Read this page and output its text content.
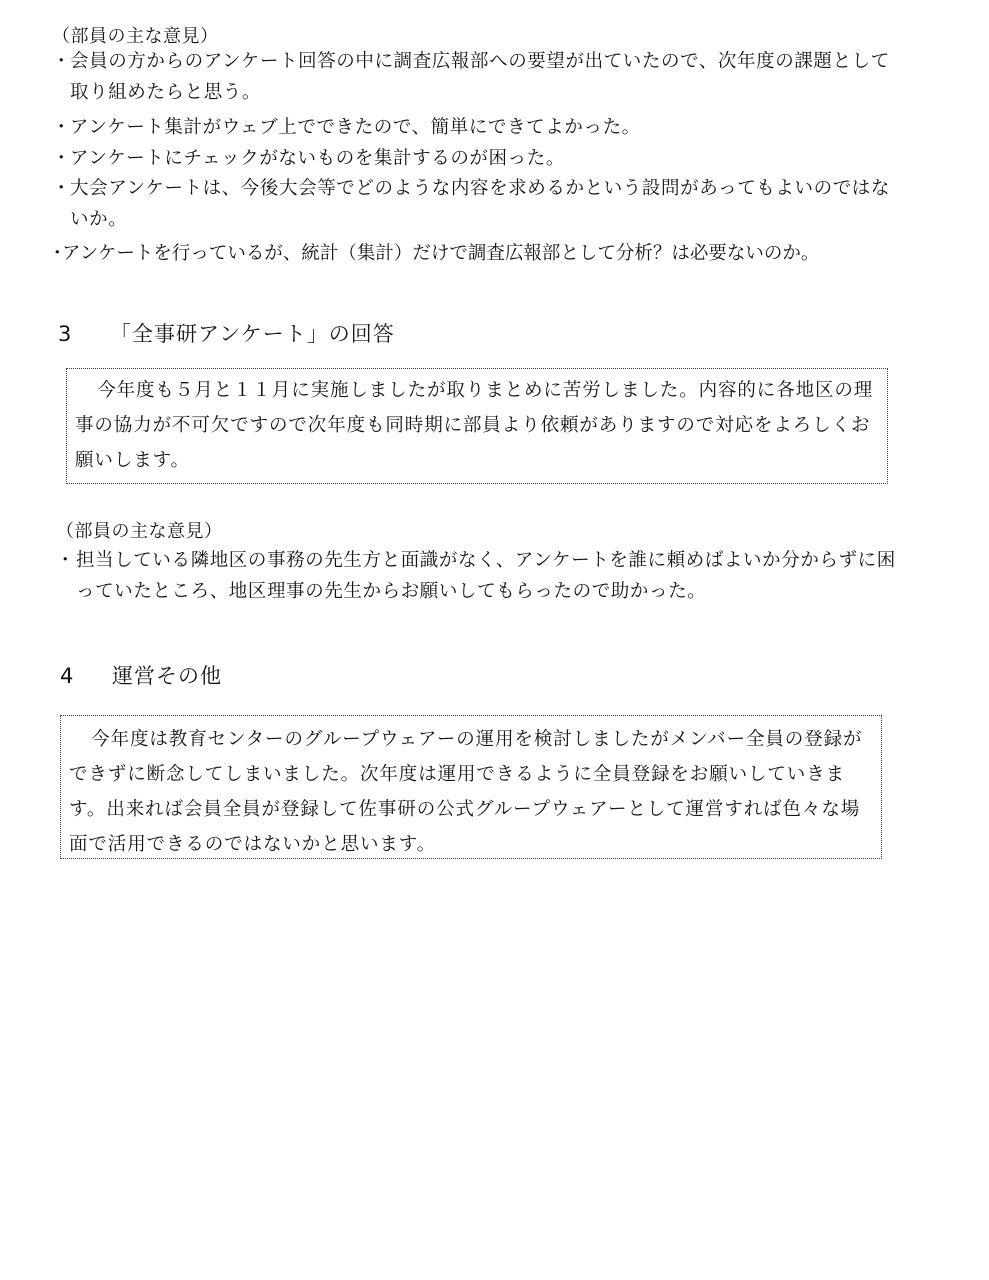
（部員の主な意見）
・
会員の方からのアンケート回答の中に調査広報部への要望が出ていたので、次年度の課題として取り組めたらと思う。
・
アンケート集計がウェブ上でできたので、簡単にできてよかった。
・
アンケートにチェックがないものを集計するのが困った。
・
大会アンケートは、今後大会等でどのような内容を求めるかという設問があってもよいのではないか。
・
アンケートを行っているが、統計（集計）だけで調査広報部として分析？は必要ないのか。
3 「全事研アンケート」の回答

今年度も５月と１１月に実施しましたが取りまとめに苦労しました。内容的に各地区の理事の協力が不可欠ですので次年度も同時期に部員より依頼がありますので対応をよろしくお願いします。

（部員の主な意見）
・ 担当している隣地区の事務の先生方と面識がなく、アンケートを誰に頼めばよいか分からずに困っていたところ、地区理事の先生からお願いしてもらったので助かった。
4 運営その他

今年度は教育センターのグループウェアーの運用を検討しましたがメンバー全員の登録ができずに断念してしまいました。次年度は運用できるように全員登録をお願いしていきます。出来れば会員全員が登録して佐事研の公式グループウェアーとして運営すれば色々な場面で活用できるのではないかと思います。
